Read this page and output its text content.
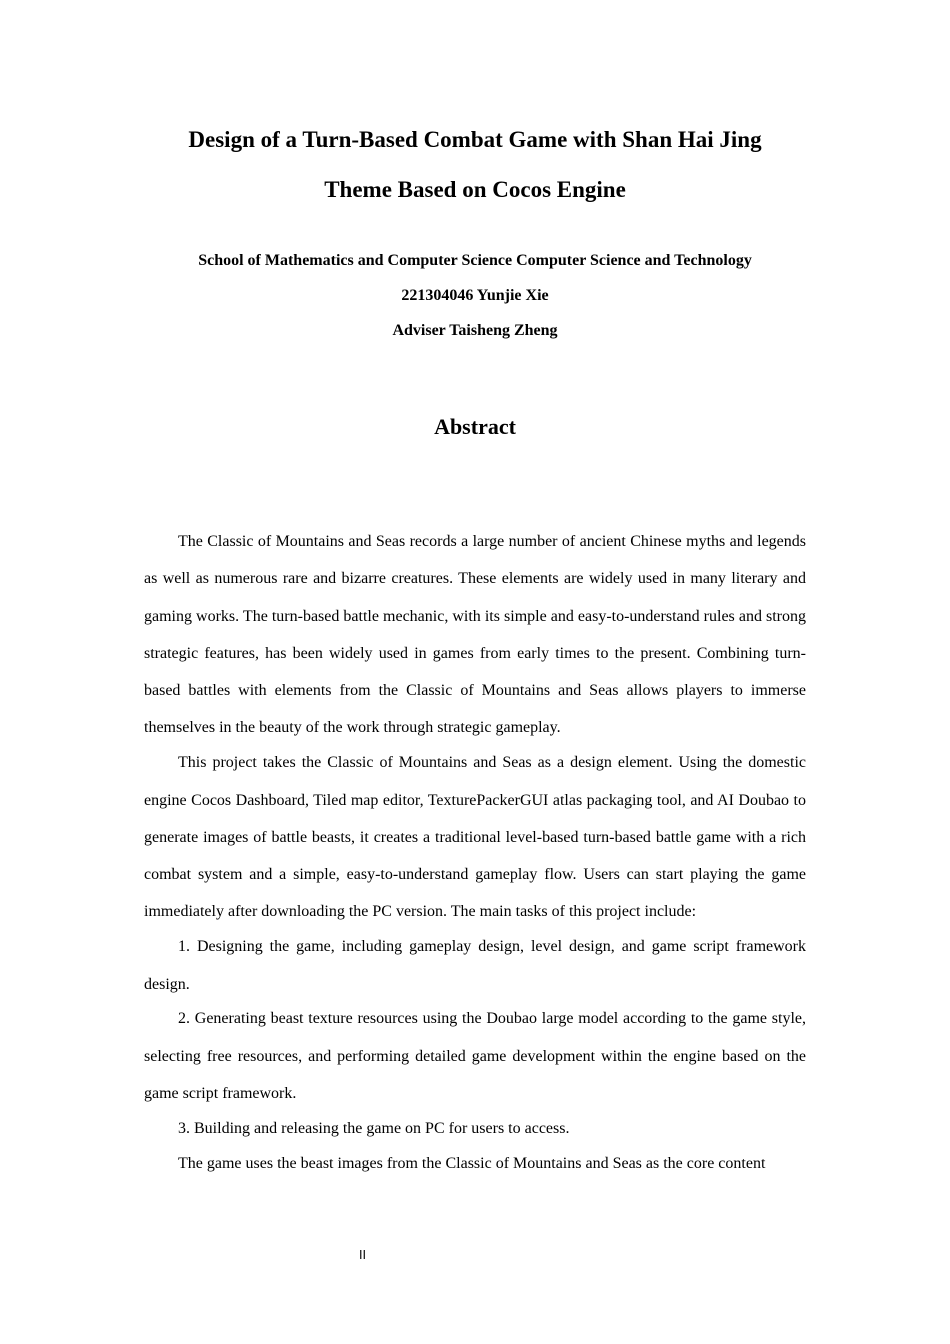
Design of a Turn-Based Combat Game with Shan Hai Jing
Theme Based on Cocos Engine
School of Mathematics and Computer Science Computer Science and Technology
221304046 Yunjie Xie
Adviser Taisheng Zheng
Abstract

The Classic of Mountains and Seas records a large number of ancient Chinese myths and legends as well as numerous rare and bizarre creatures. These elements are widely used in many literary and gaming works. The turn-based battle mechanic, with its simple and easy-to-understand rules and strong strategic features, has been widely used in games from early times to the present. Combining turn-based battles with elements from the Classic of Mountains and Seas allows players to immerse themselves in the beauty of the work through strategic gameplay.

This project takes the Classic of Mountains and Seas as a design element. Using the domestic engine Cocos Dashboard, Tiled map editor, TexturePackerGUI atlas packaging tool, and AI Doubao to generate images of battle beasts, it creates a traditional level-based turn-based battle game with a rich combat system and a simple, easy-to-understand gameplay flow. Users can start playing the game immediately after downloading the PC version. The main tasks of this project include:

1. Designing the game, including gameplay design, level design, and game script framework design.

2. Generating beast texture resources using the Doubao large model according to the game style, selecting free resources, and performing detailed game development within the engine based on the game script framework.

3. Building and releasing the game on PC for users to access.

The game uses the beast images from the Classic of Mountains and Seas as the core content

II
